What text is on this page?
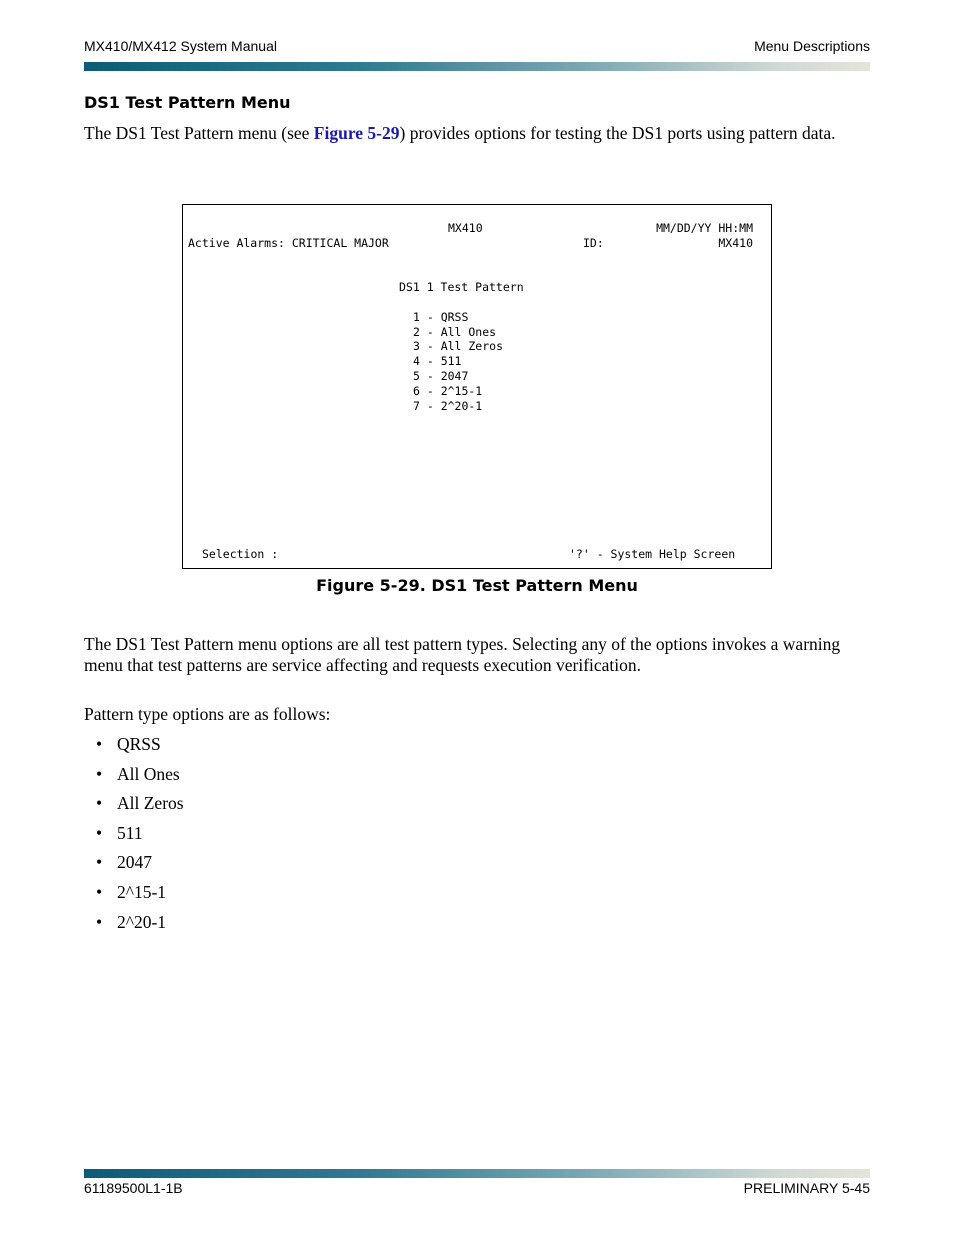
MX410/MX412 System Manual	Menu Descriptions
DS1 Test Pattern Menu

The DS1 Test Pattern menu (see Figure 5-29) provides options for testing the DS1 ports using pattern data.

MX410	MM/DD/YY HH:MM
Active Alarms: CRITICAL MAJOR	ID:	MX410
DS1 1 Test Pattern
1 - QRSS
2 - All Ones
3 - All Zeros
4 - 511
5 - 2047
6 - 2^15-1
7 - 2^20-1
Selection :	'?' - System Help Screen
Figure 5-29. DS1 Test Pattern Menu

The DS1 Test Pattern menu options are all test pattern types. Selecting any of the options invokes a warning menu that test patterns are service affecting and requests execution verification.

Pattern type options are as follows:

• QRSS
• All Ones
• All Zeros
• 511
• 2047
• 2^15-1
• 2^20-1
61189500L1-1B	PRELIMINARY 5-45
